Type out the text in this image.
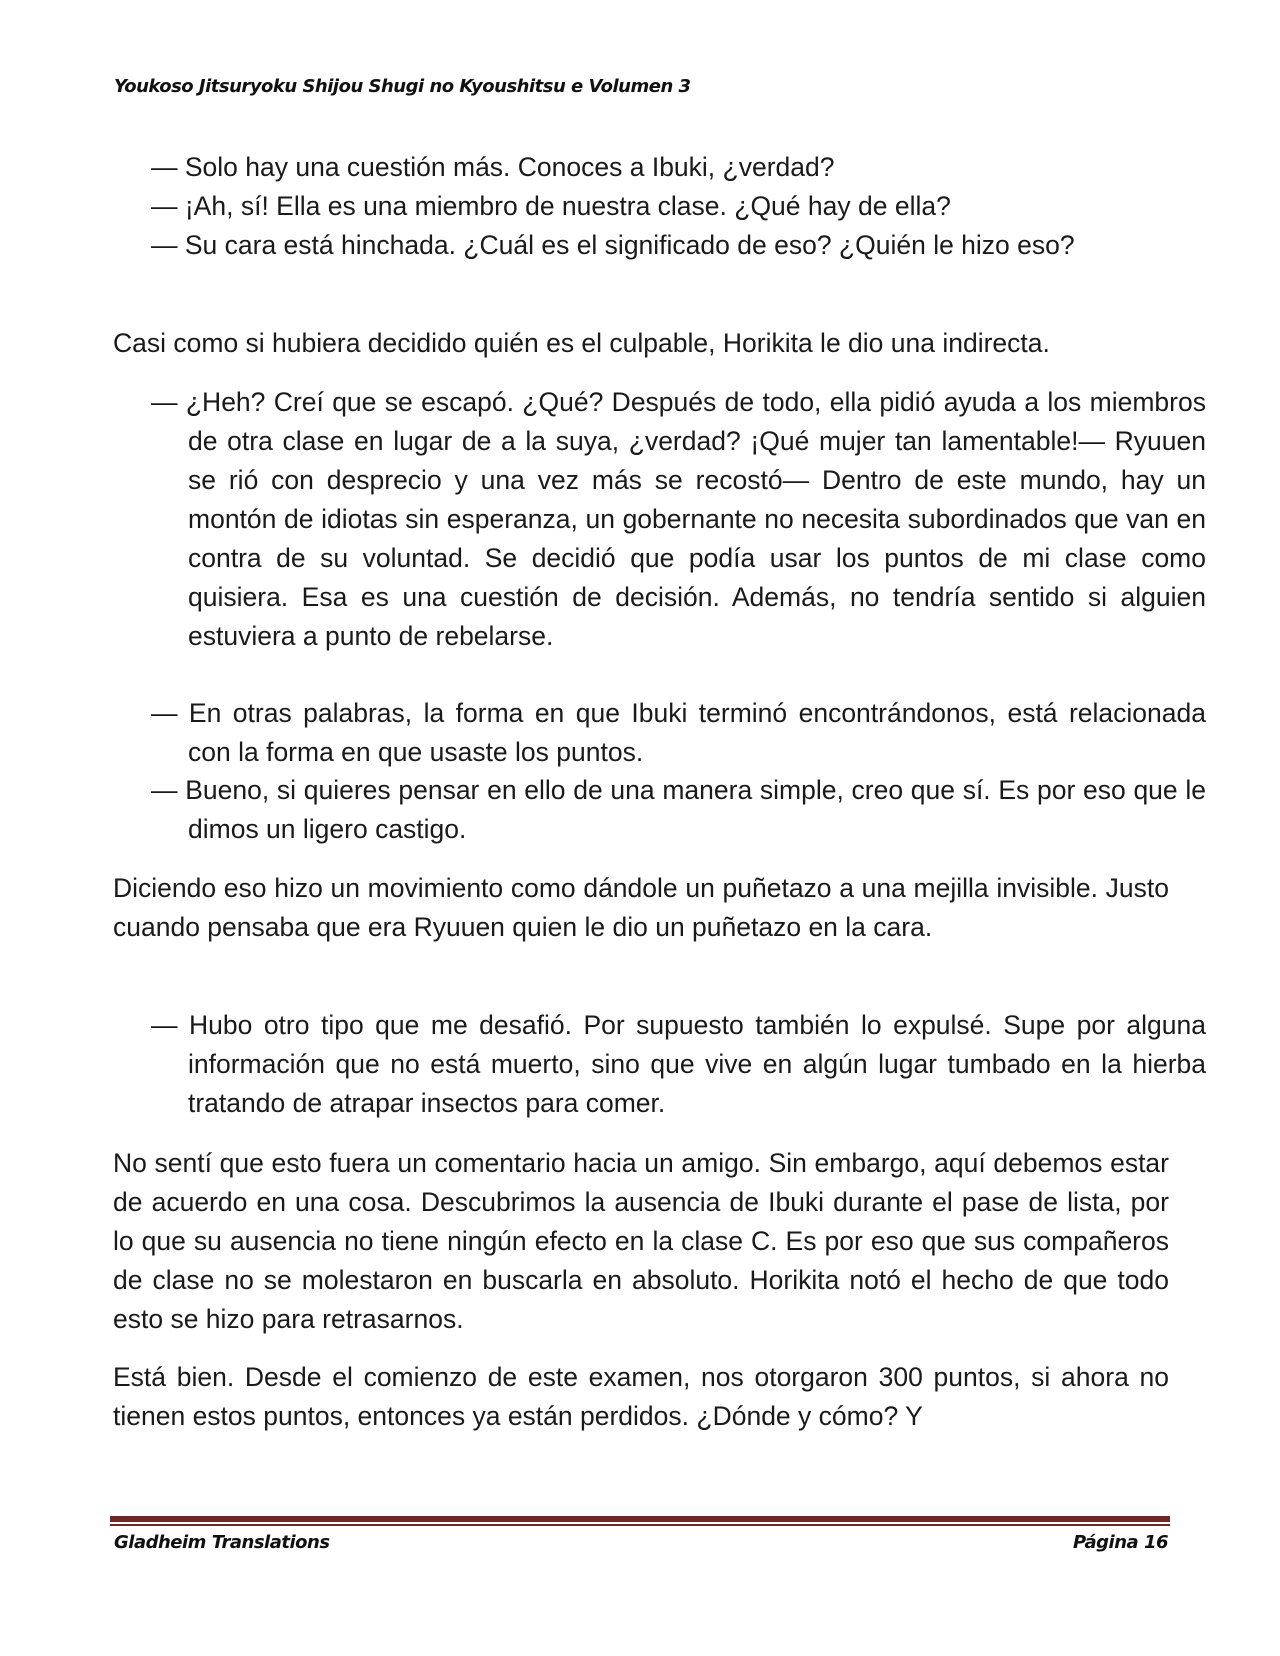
Youkoso Jitsuryoku Shijou Shugi no Kyoushitsu e Volumen 3

— Solo hay una cuestión más. Conoces a Ibuki, ¿verdad?

— ¡Ah, sí! Ella es una miembro de nuestra clase. ¿Qué hay de ella?

— Su cara está hinchada. ¿Cuál es el significado de eso? ¿Quién le hizo eso?

Casi como si hubiera decidido quién es el culpable, Horikita le dio una indirecta.

— ¿Heh? Creí que se escapó. ¿Qué? Después de todo, ella pidió ayuda a los miembros de otra clase en lugar de a la suya, ¿verdad? ¡Qué mujer tan lamentable!— Ryuuen se rió con desprecio y una vez más se recostó— Dentro de este mundo, hay un montón de idiotas sin esperanza, un gobernante no necesita subordinados que van en contra de su voluntad. Se decidió que podía usar los puntos de mi clase como quisiera. Esa es una cuestión de decisión. Además, no tendría sentido si alguien estuviera a punto de rebelarse.

— En otras palabras, la forma en que Ibuki terminó encontrándonos, está relacionada con la forma en que usaste los puntos.

— Bueno, si quieres pensar en ello de una manera simple, creo que sí. Es por eso que le dimos un ligero castigo.

Diciendo eso hizo un movimiento como dándole un puñetazo a una mejilla invisible. Justo cuando pensaba que era Ryuuen quien le dio un puñetazo en la cara.

— Hubo otro tipo que me desafió. Por supuesto también lo expulsé. Supe por alguna información que no está muerto, sino que vive en algún lugar tumbado en la hierba tratando de atrapar insectos para comer.

No sentí que esto fuera un comentario hacia un amigo. Sin embargo, aquí debemos estar de acuerdo en una cosa. Descubrimos la ausencia de Ibuki durante el pase de lista, por lo que su ausencia no tiene ningún efecto en la clase C. Es por eso que sus compañeros de clase no se molestaron en buscarla en absoluto. Horikita notó el hecho de que todo esto se hizo para retrasarnos.

Está bien. Desde el comienzo de este examen, nos otorgaron 300 puntos, si ahora no tienen estos puntos, entonces ya están perdidos. ¿Dónde y cómo? Y

Gladheim Translations	Página 16
